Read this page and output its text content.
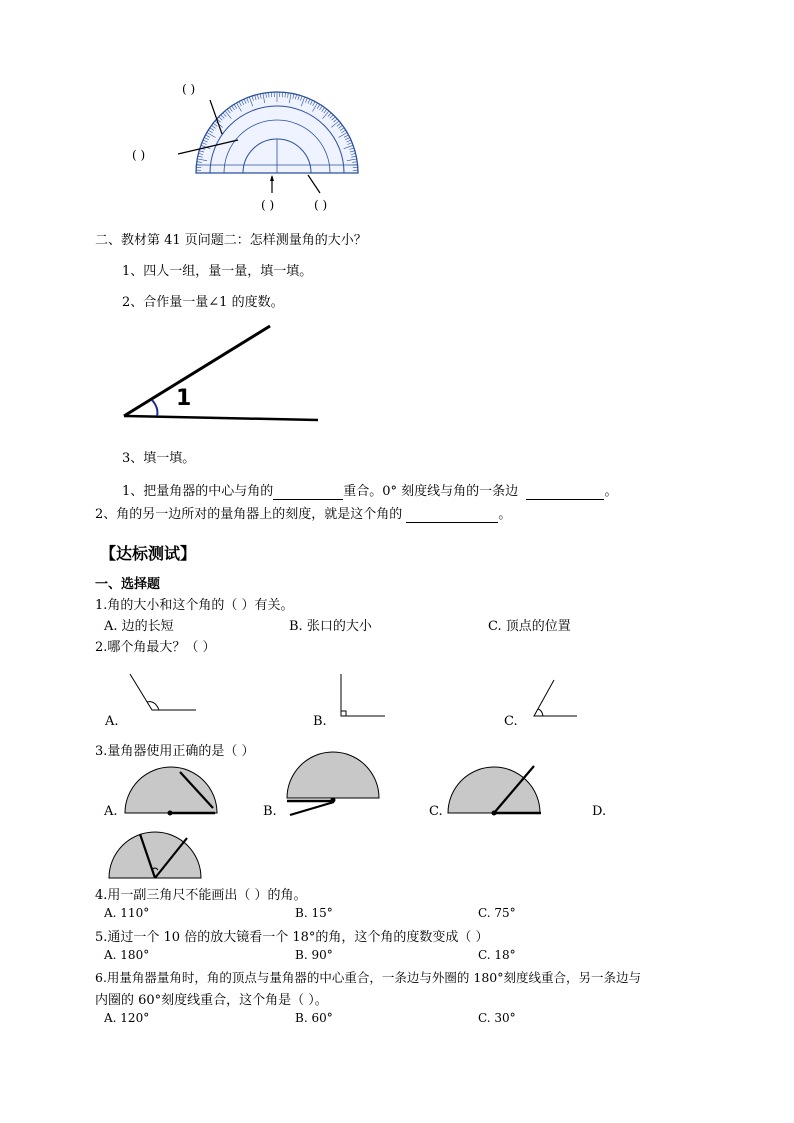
( )
( )
( )	( )
二、教材第 41 页问题二：怎样测量角的大小？
1、四人一组，量一量，填一填。
2、合作量一量∠1 的度数。
1
3、填一填。
1、把量角器的中心与角的	重合。0° 刻度线与角的一条边	。
2、角的另一边所对的量角器上的刻度，就是这个角的	。
【达标测试】
一、选择题
1.角的大小和这个角的（ ）有关。
A. 边的长短	B. 张口的大小	C. 顶点的位置
2.哪个角最大？（ ）
A.	B.	C.
3.量角器使用正确的是（ ）
A.	B.	C.	D.
4.用一副三角尺不能画出（ ）的角。
A. 110°	B. 15°	C. 75°
5.通过一个 10 倍的放大镜看一个 18°的角，这个角的度数变成（ ）
A. 180°	B. 90°	C. 18°
6.用量角器量角时，角的顶点与量角器的中心重合，一条边与外圈的 180°刻度线重合，另一条边与
内圈的 60°刻度线重合，这个角是（ ）。
A. 120°	B. 60°	C. 30°
